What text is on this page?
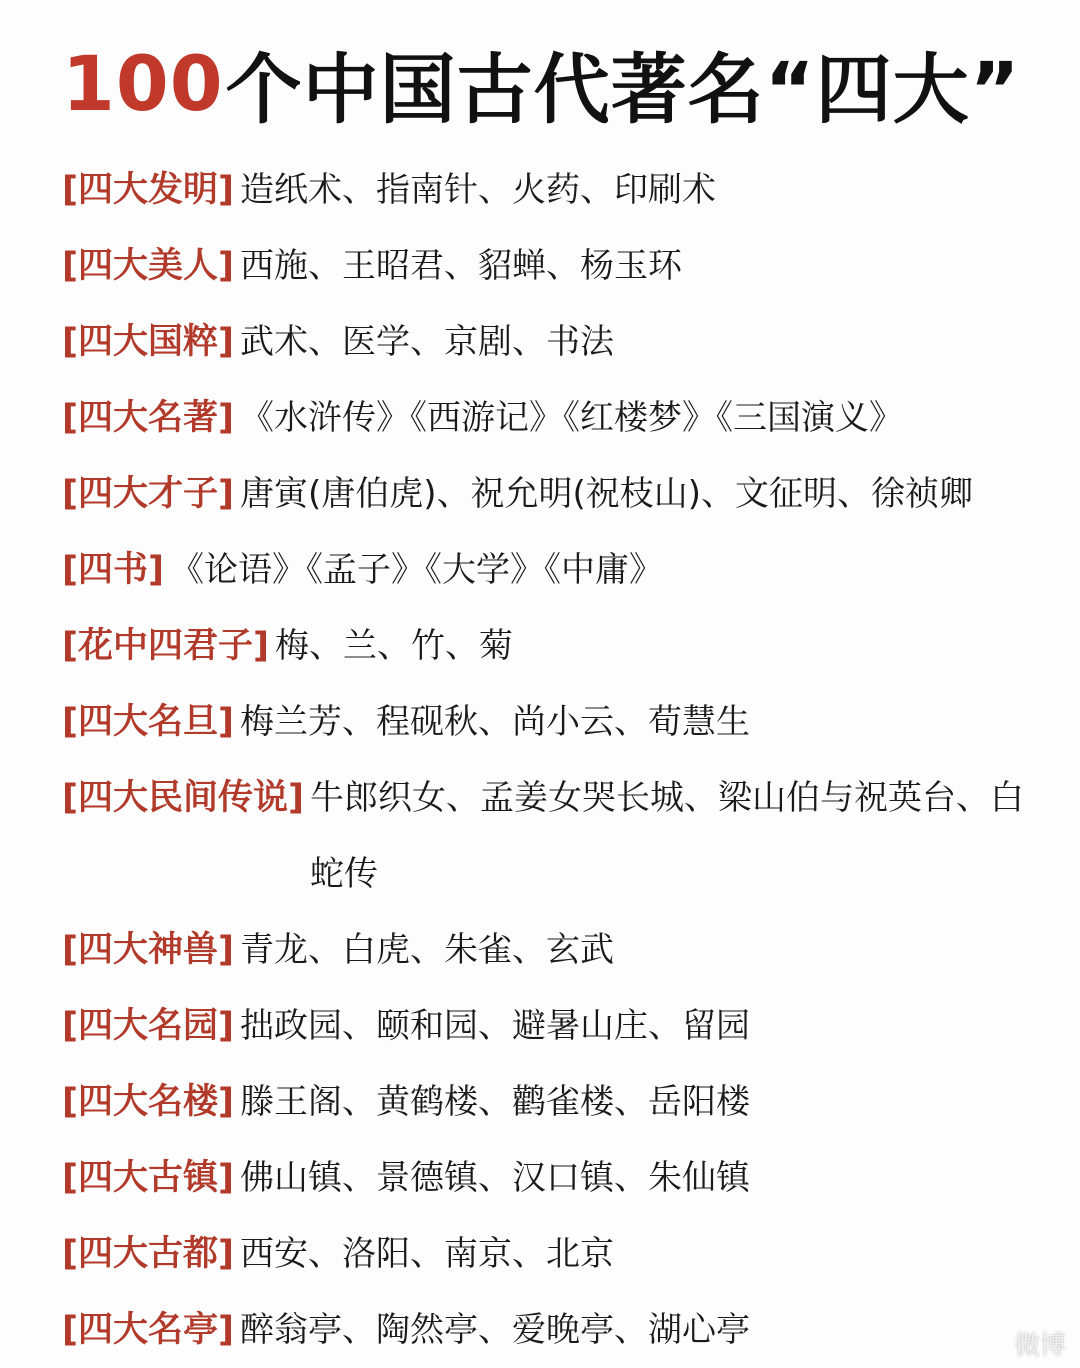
100 个中国古代著名“四大”
[四大发明] 造纸术、指南针、火药、印刷术
[四大美人] 西施、王昭君、貂蝉、杨玉环
[四大国粹] 武术、医学、京剧、书法
[四大名著] 《水浒传》《西游记》《红楼梦》《三国演义》
[四大才子] 唐寅(唐伯虎)、祝允明(祝枝山)、文征明、徐祯卿
[四书] 《论语》《孟子》《大学》《中庸》
[花中四君子] 梅、兰、竹、菊
[四大名旦] 梅兰芳、程砚秋、尚小云、荀慧生
[四大民间传说] 牛郎织女、孟姜女哭长城、梁山伯与祝英台、白蛇传
[四大神兽] 青龙、白虎、朱雀、玄武
[四大名园] 拙政园、颐和园、避暑山庄、留园
[四大名楼] 滕王阁、黄鹤楼、鹳雀楼、岳阳楼
[四大古镇] 佛山镇、景德镇、汉口镇、朱仙镇
[四大古都] 西安、洛阳、南京、北京
[四大名亭] 醉翁亭、陶然亭、爱晚亭、湖心亭	微博
